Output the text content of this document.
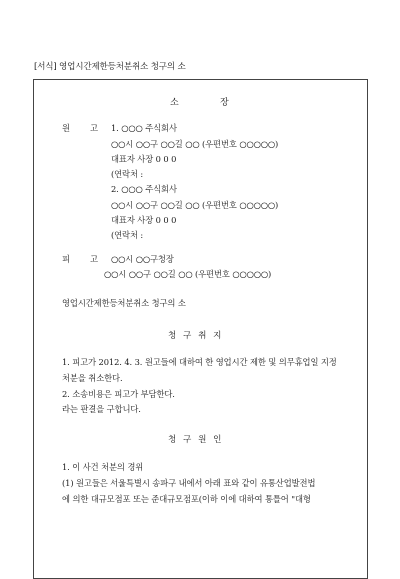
[서식] 영업시간제한등처분취소 청구의 소
소	장
원 고 1. ○○○ 주식회사
○○시 ○○구 ○○길 ○○ (우편번호 ○○○○○)
대표자 사장 0 0 0
(연락처 :
2. ○○○ 주식회사
○○시 ○○구 ○○길 ○○ (우편번호 ○○○○○)
대표자 사장 0 0 0
(연락처 :
피 고 ○○시 ○○구청장
○○시 ○○구 ○○길 ○○ (우편번호 ○○○○○)
영업시간제한등처분취소 청구의 소
청 구 취 지
1. 피고가 2012. 4. 3. 원고들에 대하여 한 영업시간 제한 및 의무휴업일 지정
처분을 취소한다.
2. 소송비용은 피고가 부담한다.
라는 판결을 구합니다.
청 구 원 인
1. 이 사건 처분의 경위
(1) 원고들은 서울특별시 송파구 내에서 아래 표와 같이 유통산업발전법
에 의한 대규모점포 또는 준대규모점포(이하 이에 대하여 통틀어 "대형
